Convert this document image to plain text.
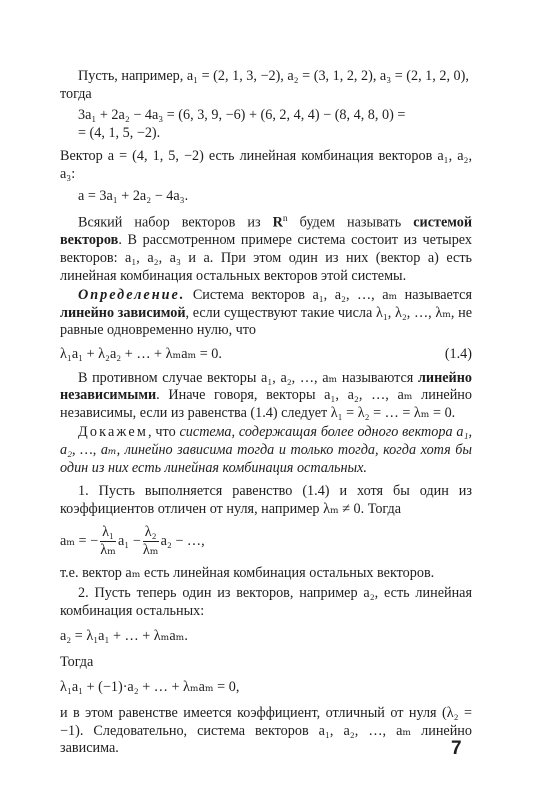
Пусть, например, a₁ = (2, 1, 3, −2), a₂ = (3, 1, 2, 2), a₃ = (2, 1, 2, 0),
тогда

3a₁ + 2a₂ − 4a₃ = (6, 3, 9, −6) + (6, 2, 4, 4) − (8, 4, 8, 0) =
= (4, 1, 5, −2).

Вектор a = (4, 1, 5, −2) есть линейная комбинация векторов a₁, a₂, a₃:

a = 3a₁ + 2a₂ − 4a₃.

Всякий набор векторов из $R^n$ будем называть системой векторов. В рассмотренном примере система состоит из четырех векторов: a₁, a₂, a₃ и a. При этом один из них (вектор a) есть линейная комбинация остальных векторов этой системы.

Определение. Система векторов a₁, a₂, …, aₘ называется линейно зависимой, если существуют такие числа λ₁, λ₂, …, λₘ, не равные одновременно нулю, что

λ₁a₁ + λ₂a₂ + … + λₘaₘ = 0.	(1.4)

В противном случае векторы a₁, a₂, …, aₘ называются линейно независимыми. Иначе говоря, векторы a₁, a₂, …, aₘ линейно независимы, если из равенства (1.4) следует λ₁ = λ₂ = … = λₘ = 0.

Докажем, что система, содержащая более одного вектора a₁, a₂, …, aₘ, линейно зависима тогда и только тогда, когда хотя бы один из них есть линейная комбинация остальных.

1. Пусть выполняется равенство (1.4) и хотя бы один из коэффициентов отличен от нуля, например λₘ ≠ 0. Тогда

aₘ = − $\frac{\text{λ₁}}{\text{λₘ}} a_1 - \frac{\text{λ₂}}{\text{λₘ}} a_2$ − …,

т.е. вектор aₘ есть линейная комбинация остальных векторов.

2. Пусть теперь один из векторов, например a₂, есть линейная комбинация остальных:

a₂ = λ₁a₁ + … + λₘaₘ.

Тогда

λ₁a₁ + (−1)·a₂ + … + λₘaₘ = 0,

и в этом равенстве имеется коэффициент, отличный от нуля (λ₂ = −1). Следовательно, система векторов a₁, a₂, …, aₘ линейно зависима.	7
